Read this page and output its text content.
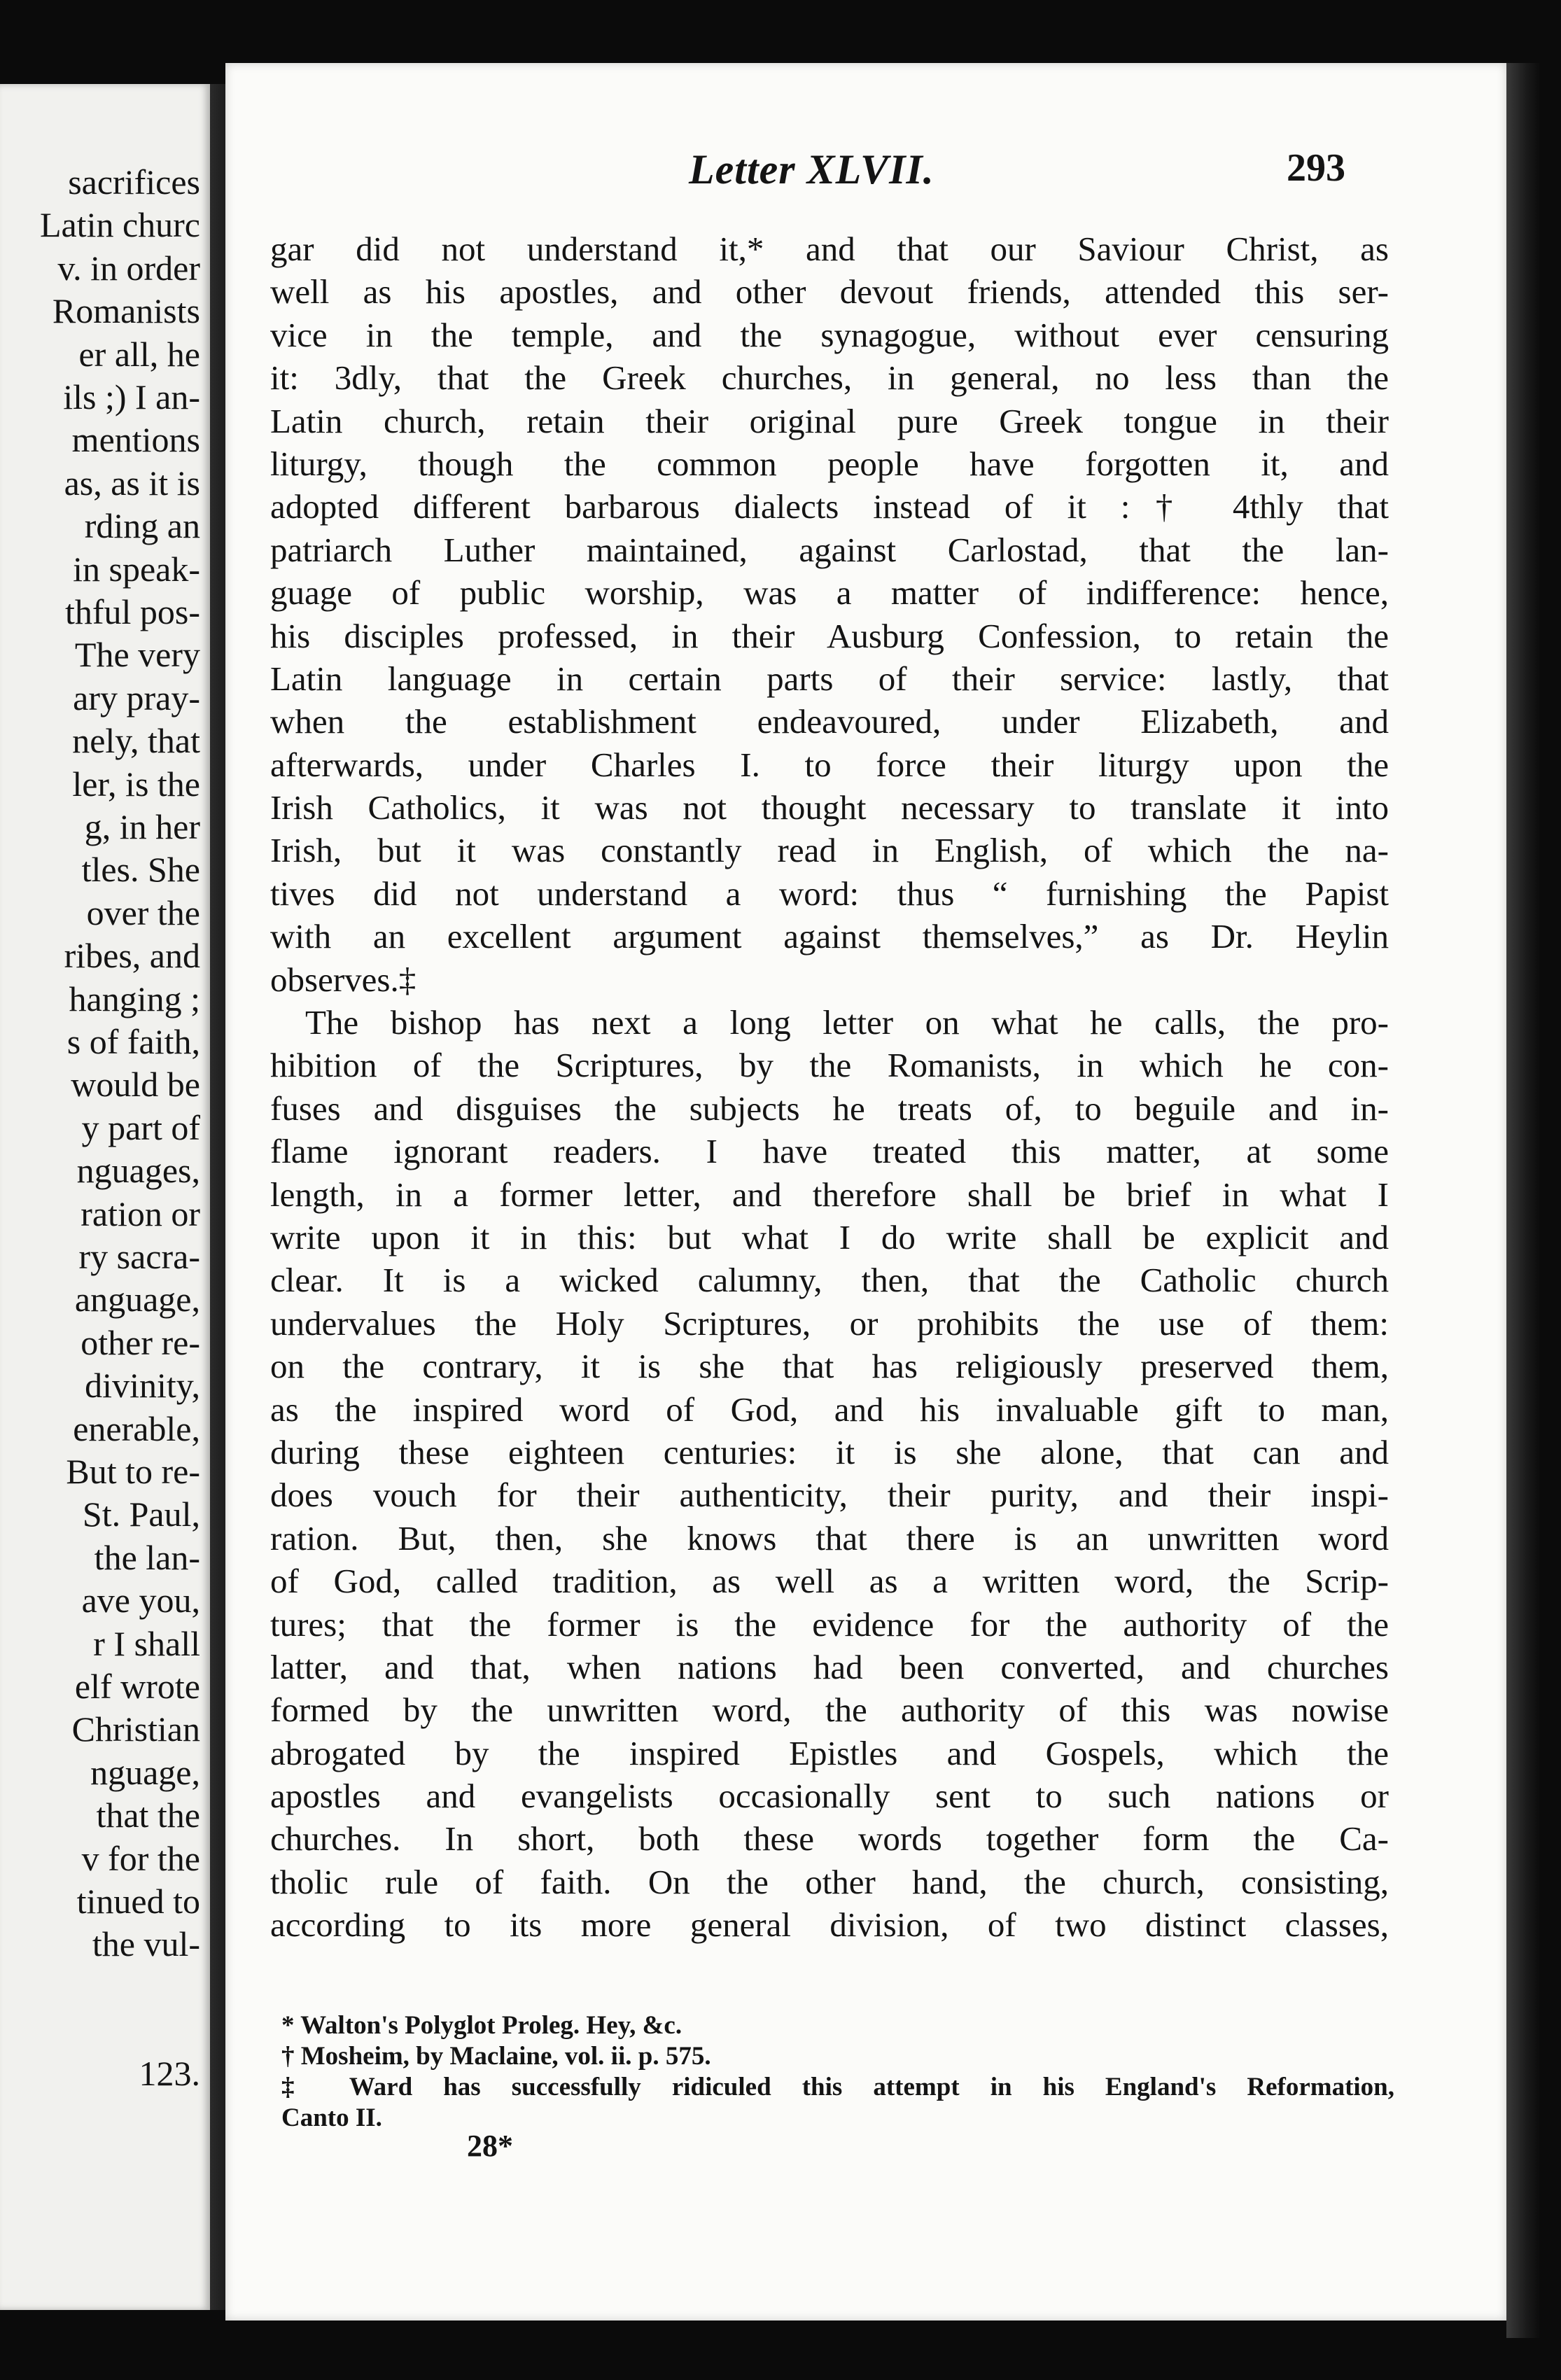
sacrifices
Latin churc
v. in order
Romanists
er all, he
ils ;) I an-
mentions
as, as it is
rding an
in speak-
thful pos-
The very
ary pray-
nely, that
ler, is the
g, in her
tles. She
over the
ribes, and
hanging ;
s of faith,
would be
y part of
nguages,
ration or
ry sacra-
anguage,
other re-
divinity,
enerable,
But to re-
St. Paul,
the lan-
ave you,
r I shall
elf wrote
Christian
nguage,
that the
v for the
tinued to
the vul-
123.
Letter XLVII.	293
gar did not understand it,* and that our Saviour Christ, as
well as his apostles, and other devout friends, attended this ser-
vice in the temple, and the synagogue, without ever censuring
it: 3dly, that the Greek churches, in general, no less than the
Latin church, retain their original pure Greek tongue in their
liturgy, though the common people have forgotten it, and
adopted different barbarous dialects instead of it :† 4thly that
patriarch Luther maintained, against Carlostad, that the lan-
guage of public worship, was a matter of indifference: hence,
his disciples professed, in their Ausburg Confession, to retain the
Latin language in certain parts of their service: lastly, that
when the establishment endeavoured, under Elizabeth, and
afterwards, under Charles I. to force their liturgy upon the
Irish Catholics, it was not thought necessary to translate it into
Irish, but it was constantly read in English, of which the na-
tives did not understand a word: thus “ furnishing the Papist
with an excellent argument against themselves,” as Dr. Heylin
observes.‡
The bishop has next a long letter on what he calls, the pro-
hibition of the Scriptures, by the Romanists, in which he con-
fuses and disguises the subjects he treats of, to beguile and in-
flame ignorant readers. I have treated this matter, at some
length, in a former letter, and therefore shall be brief in what I
write upon it in this: but what I do write shall be explicit and
clear. It is a wicked calumny, then, that the Catholic church
undervalues the Holy Scriptures, or prohibits the use of them:
on the contrary, it is she that has religiously preserved them,
as the inspired word of God, and his invaluable gift to man,
during these eighteen centuries: it is she alone, that can and
does vouch for their authenticity, their purity, and their inspi-
ration. But, then, she knows that there is an unwritten word
of God, called tradition, as well as a written word, the Scrip-
tures; that the former is the evidence for the authority of the
latter, and that, when nations had been converted, and churches
formed by the unwritten word, the authority of this was nowise
abrogated by the inspired Epistles and Gospels, which the
apostles and evangelists occasionally sent to such nations or
churches. In short, both these words together form the Ca-
tholic rule of faith. On the other hand, the church, consisting,
according to its more general division, of two distinct classes,
* Walton's Polyglot Proleg. Hey, &c.
† Mosheim, by Maclaine, vol. ii. p. 575.
‡ Ward has successfully ridiculed this attempt in his England's Reformation,
Canto II.
28*
